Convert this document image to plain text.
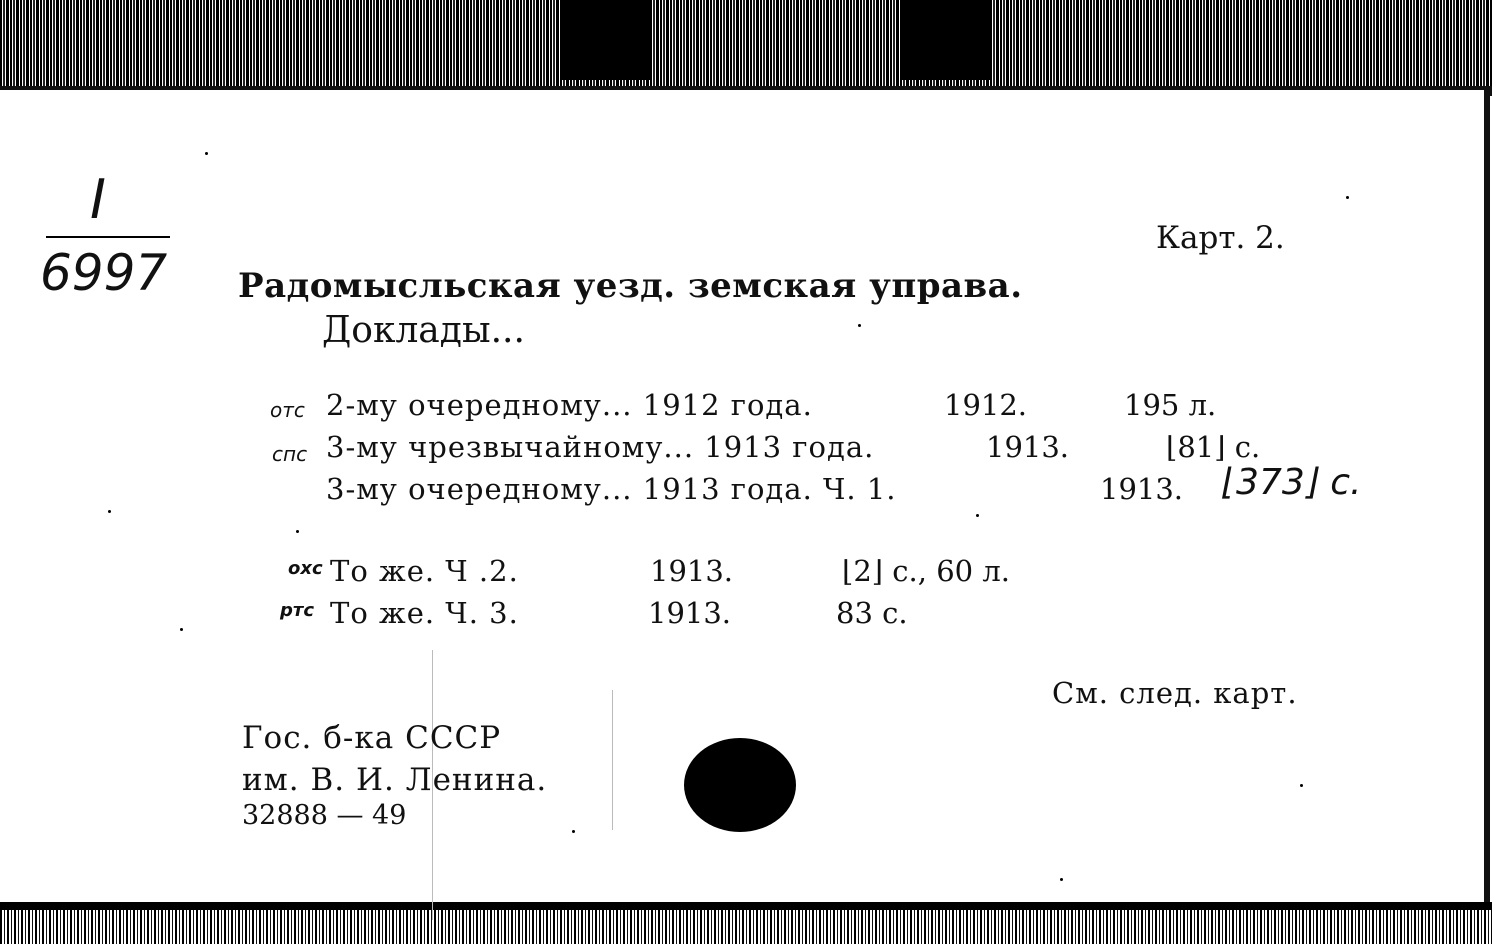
I
6997
Карт. 2.
Радомысльская уезд. земская управа.
Доклады...
отс 2-му очередному... 1912 года.	1912.	195 л.
спс 3-му чрезвычайному... 1913 года.	1913.	⌊81⌋ с.
3-му очередному... 1913 года. Ч. 1.	1913. ⌊373⌋ с.
охс То же. Ч .2.	1913.	⌊2⌋ с., 60 л.
ртс То же. Ч. 3.	1913.	83 с.
См. след. карт.
Гос. б-ка СССР
им. В. И. Ленина.
32888 — 49
